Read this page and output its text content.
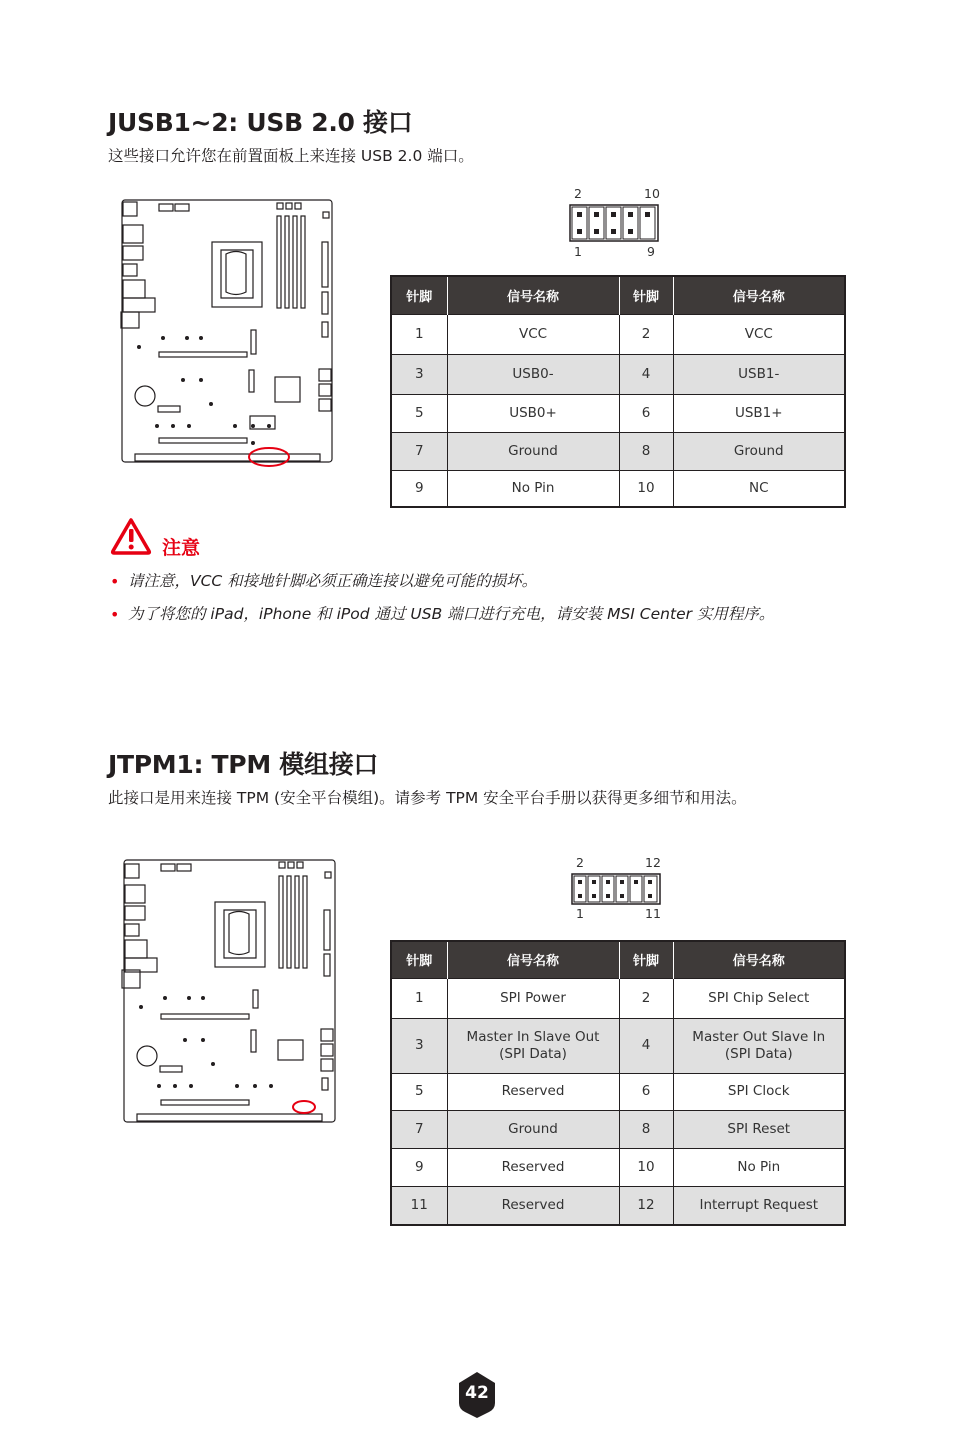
JUSB1~2: USB 2.0 接口

这些接口允许您在前置面板上来连接 USB 2.0 端口。

2	10
1	9
针脚	信号名称	针脚	信号名称
1	VCC	2	VCC
3	USB0-	4	USB1-
5	USB0+	6	USB1+
7	Ground	8	Ground
9	No Pin	10	NC
注意
• 请注意，VCC 和接地针脚必须正确连接以避免可能的损坏。
• 为了将您的 iPad，iPhone 和 iPod 通过 USB 端口进行充电，请安装 MSI Center 实用程序。
JTPM1: TPM 模组接口

此接口是用来连接 TPM (安全平台模组)。请参考 TPM 安全平台手册以获得更多细节和用法。

2	12
1	11
针脚	信号名称	针脚	信号名称
1	SPI Power	2	SPI Chip Select
3	Master In Slave Out (SPI Data)	4	Master Out Slave In (SPI Data)
5	Reserved	6	SPI Clock
7	Ground	8	SPI Reset
9	Reserved	10	No Pin
11	Reserved	12	Interrupt Request
42
